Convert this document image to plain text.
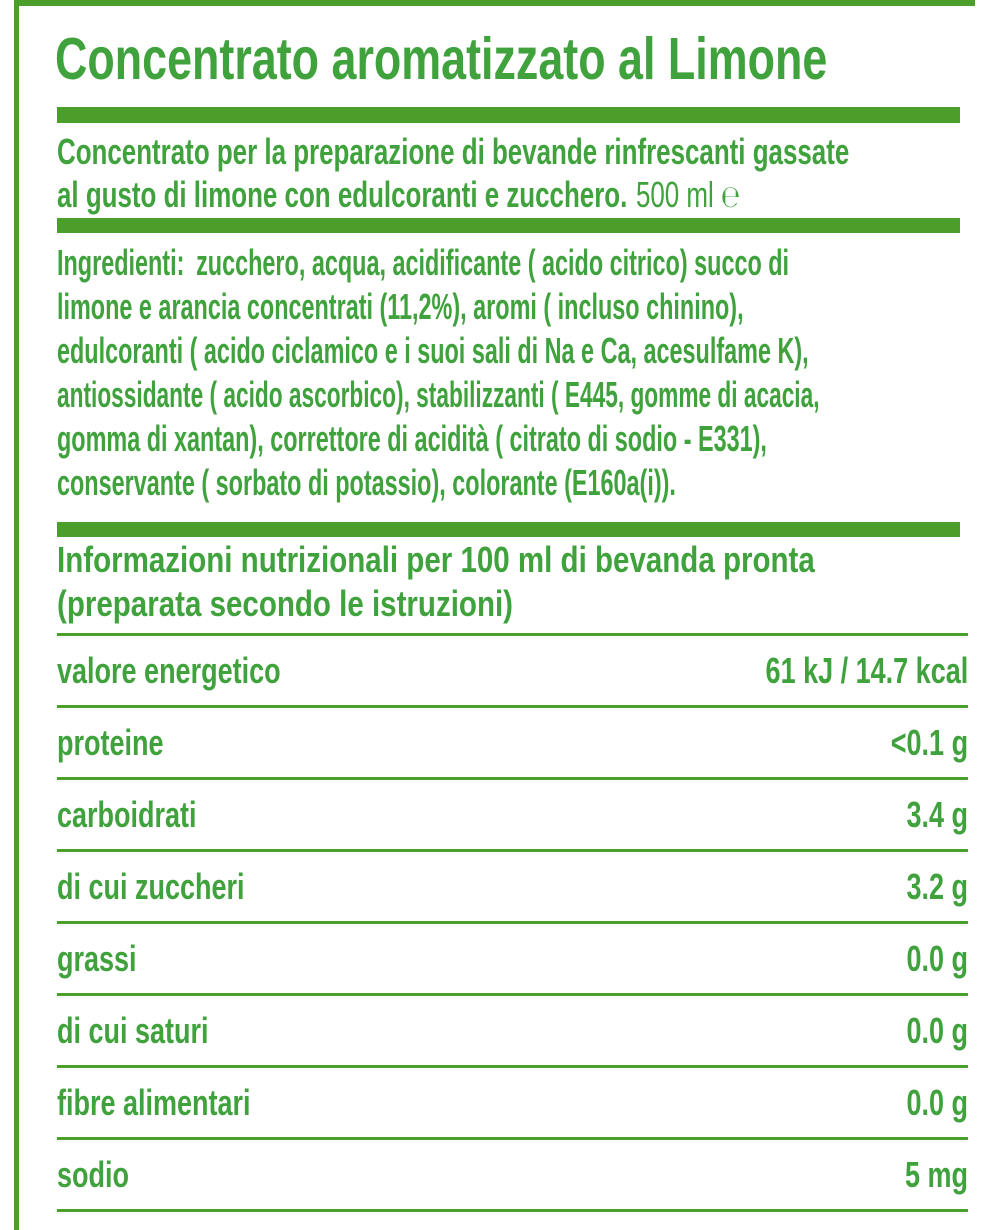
Concentrato aromatizzato al Limone
Concentrato per la preparazione di bevande rinfrescanti gassate
al gusto di limone con edulcoranti e zucchero. 500 ml ℮
Ingredienti: zucchero, acqua, acidificante ( acido citrico) succo di
limone e arancia concentrati (11,2%), aromi ( incluso chinino),
edulcoranti ( acido ciclamico e i suoi sali di Na e Ca, acesulfame K),
antiossidante ( acido ascorbico), stabilizzanti ( E445, gomme di acacia,
gomma di xantan), correttore di acidità ( citrato di sodio - E331),
conservante ( sorbato di potassio), colorante (E160a(i)).
Informazioni nutrizionali per 100 ml di bevanda pronta
(preparata secondo le istruzioni)
valore energetico	61 kJ / 14.7 kcal
proteine	<0.1 g
carboidrati	3.4 g
di cui zuccheri	3.2 g
grassi	0.0 g
di cui saturi	0.0 g
fibre alimentari	0.0 g
sodio	5 mg
